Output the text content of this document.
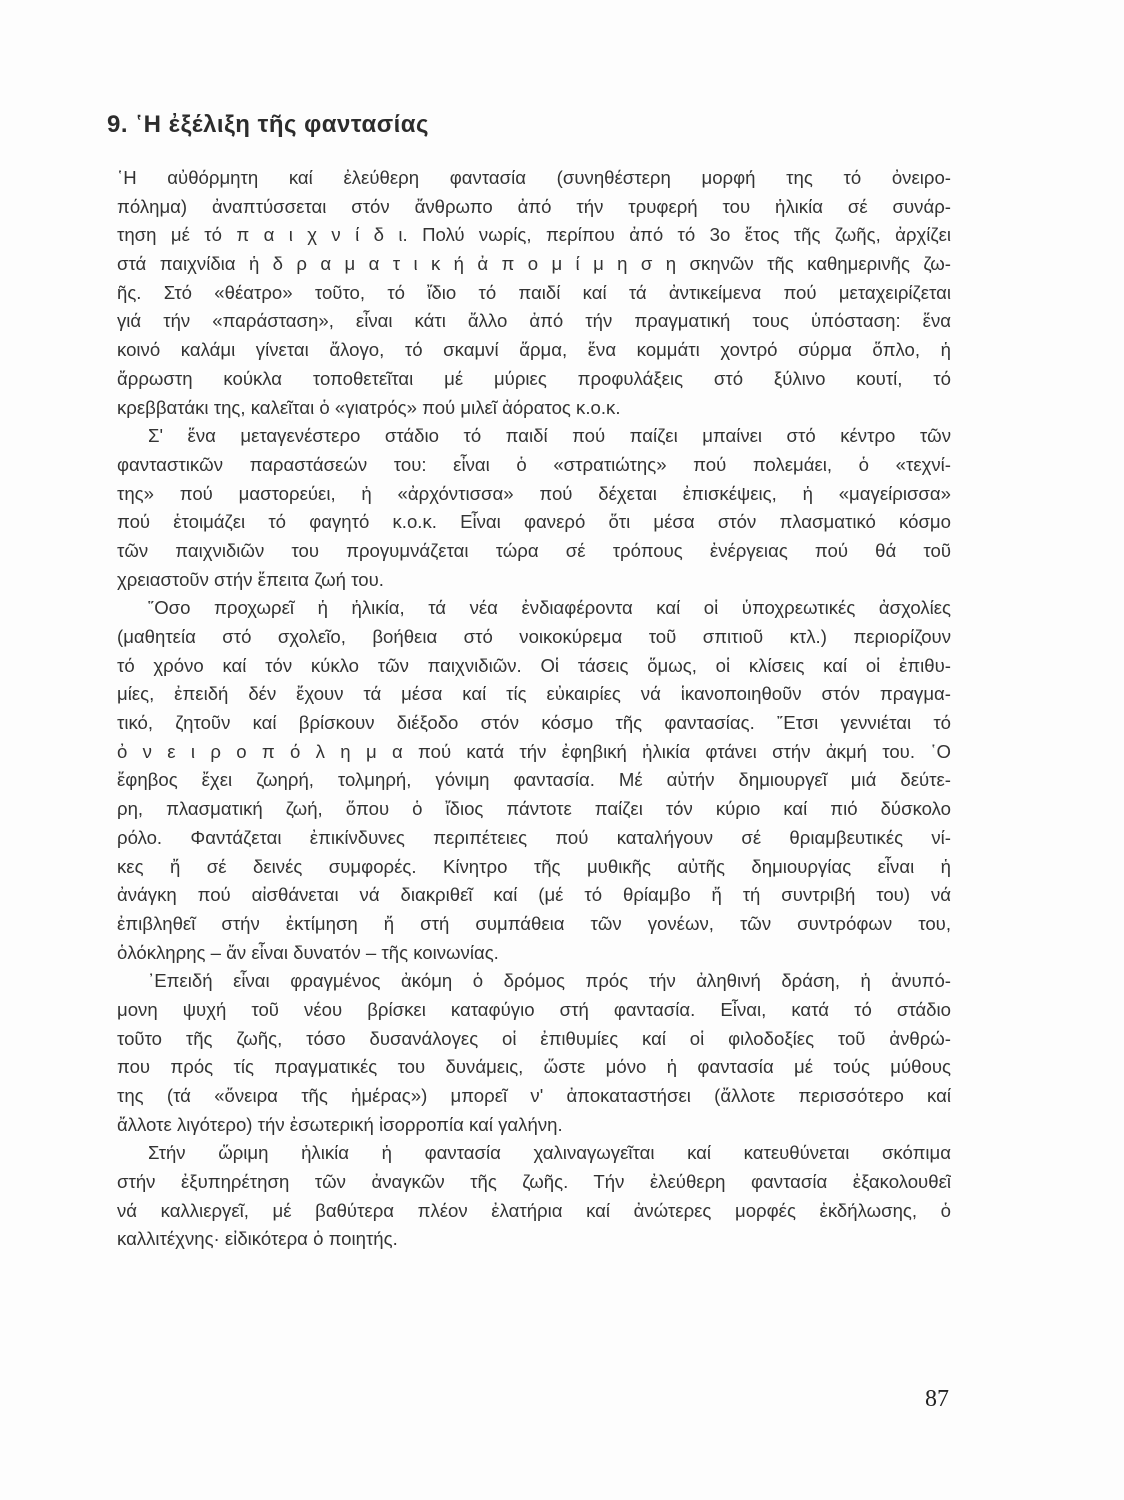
9. ῾Η ἐξέλιξη τῆς φαντασίας
῾Η αὐθόρμητη καί ἐλεύθερη φαντασία (συνηθέστερη μορφή της τό ὀνειρο-
πόλημα) ἀναπτύσσεται στόν ἄνθρωπο ἀπό τήν τρυφερή του ἡλικία σέ συνάρ-
τηση μέ τό π α ι χ ν ί δ ι. Πολύ νωρίς, περίπου ἀπό τό 3ο ἔτος τῆς ζωῆς, ἀρχίζει
στά παιχνίδια ἡ δ ρ α μ α τ ι κ ή ἀ π ο μ ί μ η σ η σκηνῶν τῆς καθημερινῆς ζω-
ῆς. Στό «θέατρο» τοῦτο, τό ἴδιο τό παιδί καί τά ἀντικείμενα πού μεταχειρίζεται
γιά τήν «παράσταση», εἶναι κάτι ἄλλο ἀπό τήν πραγματική τους ὑπόσταση: ἕνα
κοινό καλάμι γίνεται ἄλογο, τό σκαμνί ἅρμα, ἕνα κομμάτι χοντρό σύρμα ὅπλο, ἡ
ἄρρωστη κούκλα τοποθετεῖται μέ μύριες προφυλάξεις στό ξύλινο κουτί, τό
κρεββατάκι της, καλεῖται ὁ «γιατρός» πού μιλεῖ ἀόρατος κ.ο.κ.
Σ' ἕνα μεταγενέστερο στάδιο τό παιδί πού παίζει μπαίνει στό κέντρο τῶν
φανταστικῶν παραστάσεών του: εἶναι ὁ «στρατιώτης» πού πολεμάει, ὁ «τεχνί-
της» πού μαστορεύει, ἡ «ἀρχόντισσα» πού δέχεται ἐπισκέψεις, ἡ «μαγείρισσα»
πού ἑτοιμάζει τό φαγητό κ.ο.κ. Εἶναι φανερό ὅτι μέσα στόν πλασματικό κόσμο
τῶν παιχνιδιῶν του προγυμνάζεται τώρα σέ τρόπους ἐνέργειας πού θά τοῦ
χρειαστοῦν στήν ἔπειτα ζωή του.
῞Οσο προχωρεῖ ἡ ἡλικία, τά νέα ἐνδιαφέροντα καί οἱ ὑποχρεωτικές ἀσχολίες
(μαθητεία στό σχολεῖο, βοήθεια στό νοικοκύρεμα τοῦ σπιτιοῦ κτλ.) περιορίζουν
τό χρόνο καί τόν κύκλο τῶν παιχνιδιῶν. Οἱ τάσεις ὅμως, οἱ κλίσεις καί οἱ ἐπιθυ-
μίες, ἐπειδή δέν ἔχουν τά μέσα καί τίς εὐκαιρίες νά ἱκανοποιηθοῦν στόν πραγμα-
τικό, ζητοῦν καί βρίσκουν διέξοδο στόν κόσμο τῆς φαντασίας. ῎Ετσι γεννιέται τό
ὀ ν ε ι ρ ο π ό λ η μ α πού κατά τήν ἐφηβική ἡλικία φτάνει στήν ἀκμή του. ῾Ο
ἔφηβος ἔχει ζωηρή, τολμηρή, γόνιμη φαντασία. Μέ αὐτήν δημιουργεῖ μιά δεύτε-
ρη, πλασματική ζωή, ὅπου ὁ ἴδιος πάντοτε παίζει τόν κύριο καί πιό δύσκολο
ρόλο. Φαντάζεται ἐπικίνδυνες περιπέτειες πού καταλήγουν σέ θριαμβευτικές νί-
κες ἤ σέ δεινές συμφορές. Κίνητρο τῆς μυθικῆς αὐτῆς δημιουργίας εἶναι ἡ
ἀνάγκη πού αἰσθάνεται νά διακριθεῖ καί (μέ τό θρίαμβο ἤ τή συντριβή του) νά
ἐπιβληθεῖ στήν ἐκτίμηση ἤ στή συμπάθεια τῶν γονέων, τῶν συντρόφων του,
ὁλόκληρης – ἄν εἶναι δυνατόν – τῆς κοινωνίας.
᾽Επειδή εἶναι φραγμένος ἀκόμη ὁ δρόμος πρός τήν ἀληθινή δράση, ἡ ἀνυπό-
μονη ψυχή τοῦ νέου βρίσκει καταφύγιο στή φαντασία. Εἶναι, κατά τό στάδιο
τοῦτο τῆς ζωῆς, τόσο δυσανάλογες οἱ ἐπιθυμίες καί οἱ φιλοδοξίες τοῦ ἀνθρώ-
που πρός τίς πραγματικές του δυνάμεις, ὥστε μόνο ἡ φαντασία μέ τούς μύθους
της (τά «ὄνειρα τῆς ἡμέρας») μπορεῖ ν' ἀποκαταστήσει (ἄλλοτε περισσότερο καί
ἄλλοτε λιγότερο) τήν ἐσωτερική ἰσορροπία καί γαλήνη.
Στήν ὥριμη ἡλικία ἡ φαντασία χαλιναγωγεῖται καί κατευθύνεται σκόπιμα
στήν ἐξυπηρέτηση τῶν ἀναγκῶν τῆς ζωῆς. Τήν ἐλεύθερη φαντασία ἐξακολουθεῖ
νά καλλιεργεῖ, μέ βαθύτερα πλέον ἐλατήρια καί ἀνώτερες μορφές ἐκδήλωσης, ὁ
καλλιτέχνης· εἰδικότερα ὁ ποιητής.
87
